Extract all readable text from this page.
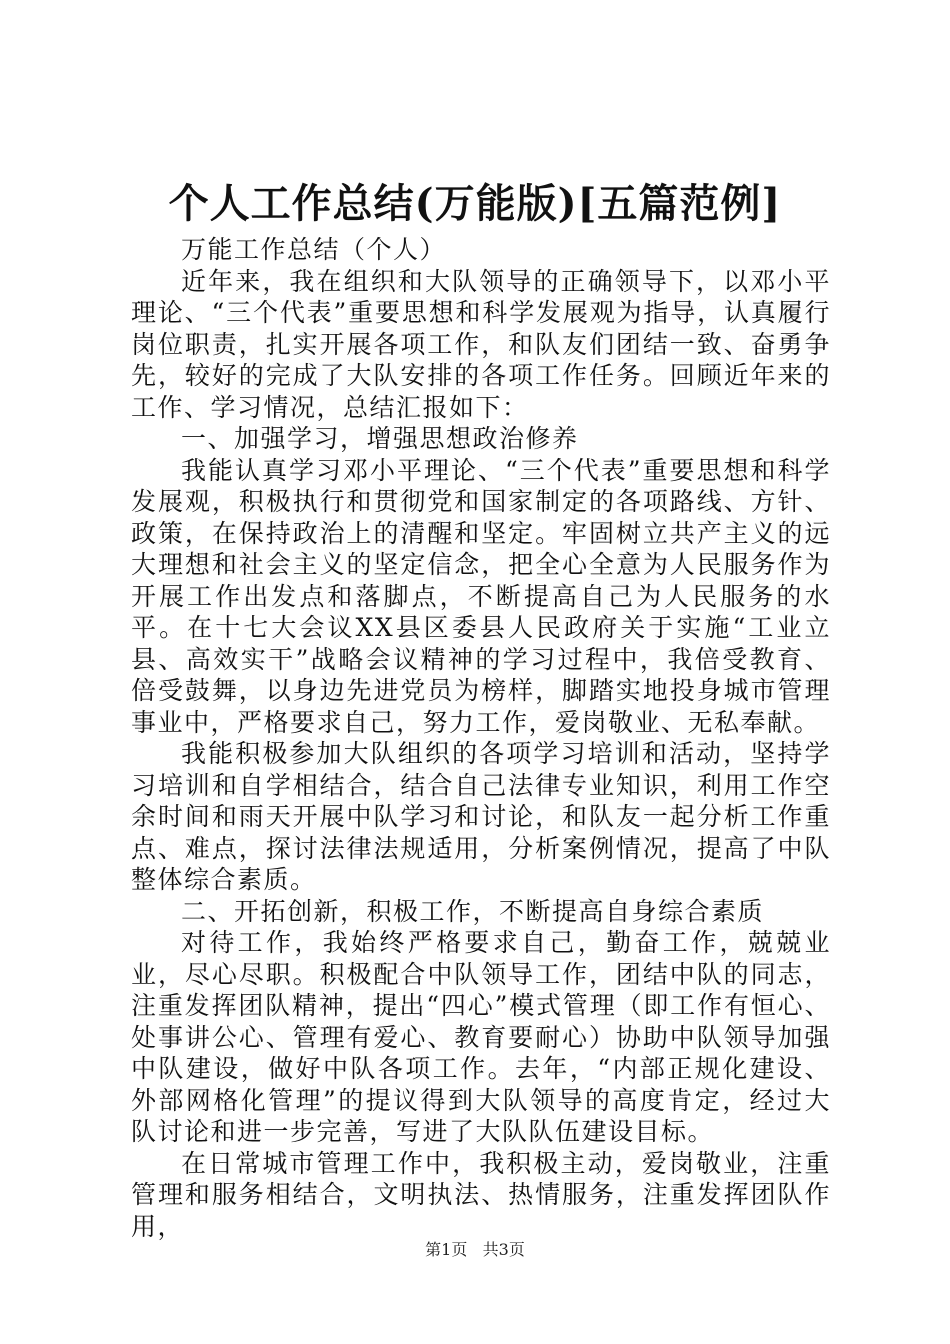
个人工作总结(万能版)[五篇范例]

万能工作总结（个人）

近年来，我在组织和大队领导的正确领导下，以邓小平理论、“三个代表”重要思想和科学发展观为指导，认真履行岗位职责，扎实开展各项工作，和队友们团结一致、奋勇争先，较好的完成了大队安排的各项工作任务。回顾近年来的工作、学习情况，总结汇报如下：

一、加强学习，增强思想政治修养

我能认真学习邓小平理论、“三个代表”重要思想和科学发展观，积极执行和贯彻党和国家制定的各项路线、方针、政策，在保持政治上的清醒和坚定。牢固树立共产主义的远大理想和社会主义的坚定信念，把全心全意为人民服务作为开展工作出发点和落脚点，不断提高自己为人民服务的水平。在十七大会议XX县区委县人民政府关于实施“工业立县、高效实干”战略会议精神的学习过程中，我倍受教育、倍受鼓舞，以身边先进党员为榜样，脚踏实地投身城市管理事业中，严格要求自己，努力工作，爱岗敬业、无私奉献。

我能积极参加大队组织的各项学习培训和活动，坚持学习培训和自学相结合，结合自己法律专业知识，利用工作空余时间和雨天开展中队学习和讨论，和队友一起分析工作重点、难点，探讨法律法规适用，分析案例情况，提高了中队整体综合素质。

二、开拓创新，积极工作，不断提高自身综合素质

对待工作，我始终严格要求自己，勤奋工作，兢兢业业，尽心尽职。积极配合中队领导工作，团结中队的同志，注重发挥团队精神，提出“四心”模式管理（即工作有恒心、处事讲公心、管理有爱心、教育要耐心）协助中队领导加强中队建设，做好中队各项工作。去年，“内部正规化建设、外部网格化管理”的提议得到大队领导的高度肯定，经过大队讨论和进一步完善，写进了大队队伍建设目标。

在日常城市管理工作中，我积极主动，爱岗敬业，注重管理和服务相结合，文明执法、热情服务，注重发挥团队作用，

第1页 共3页
